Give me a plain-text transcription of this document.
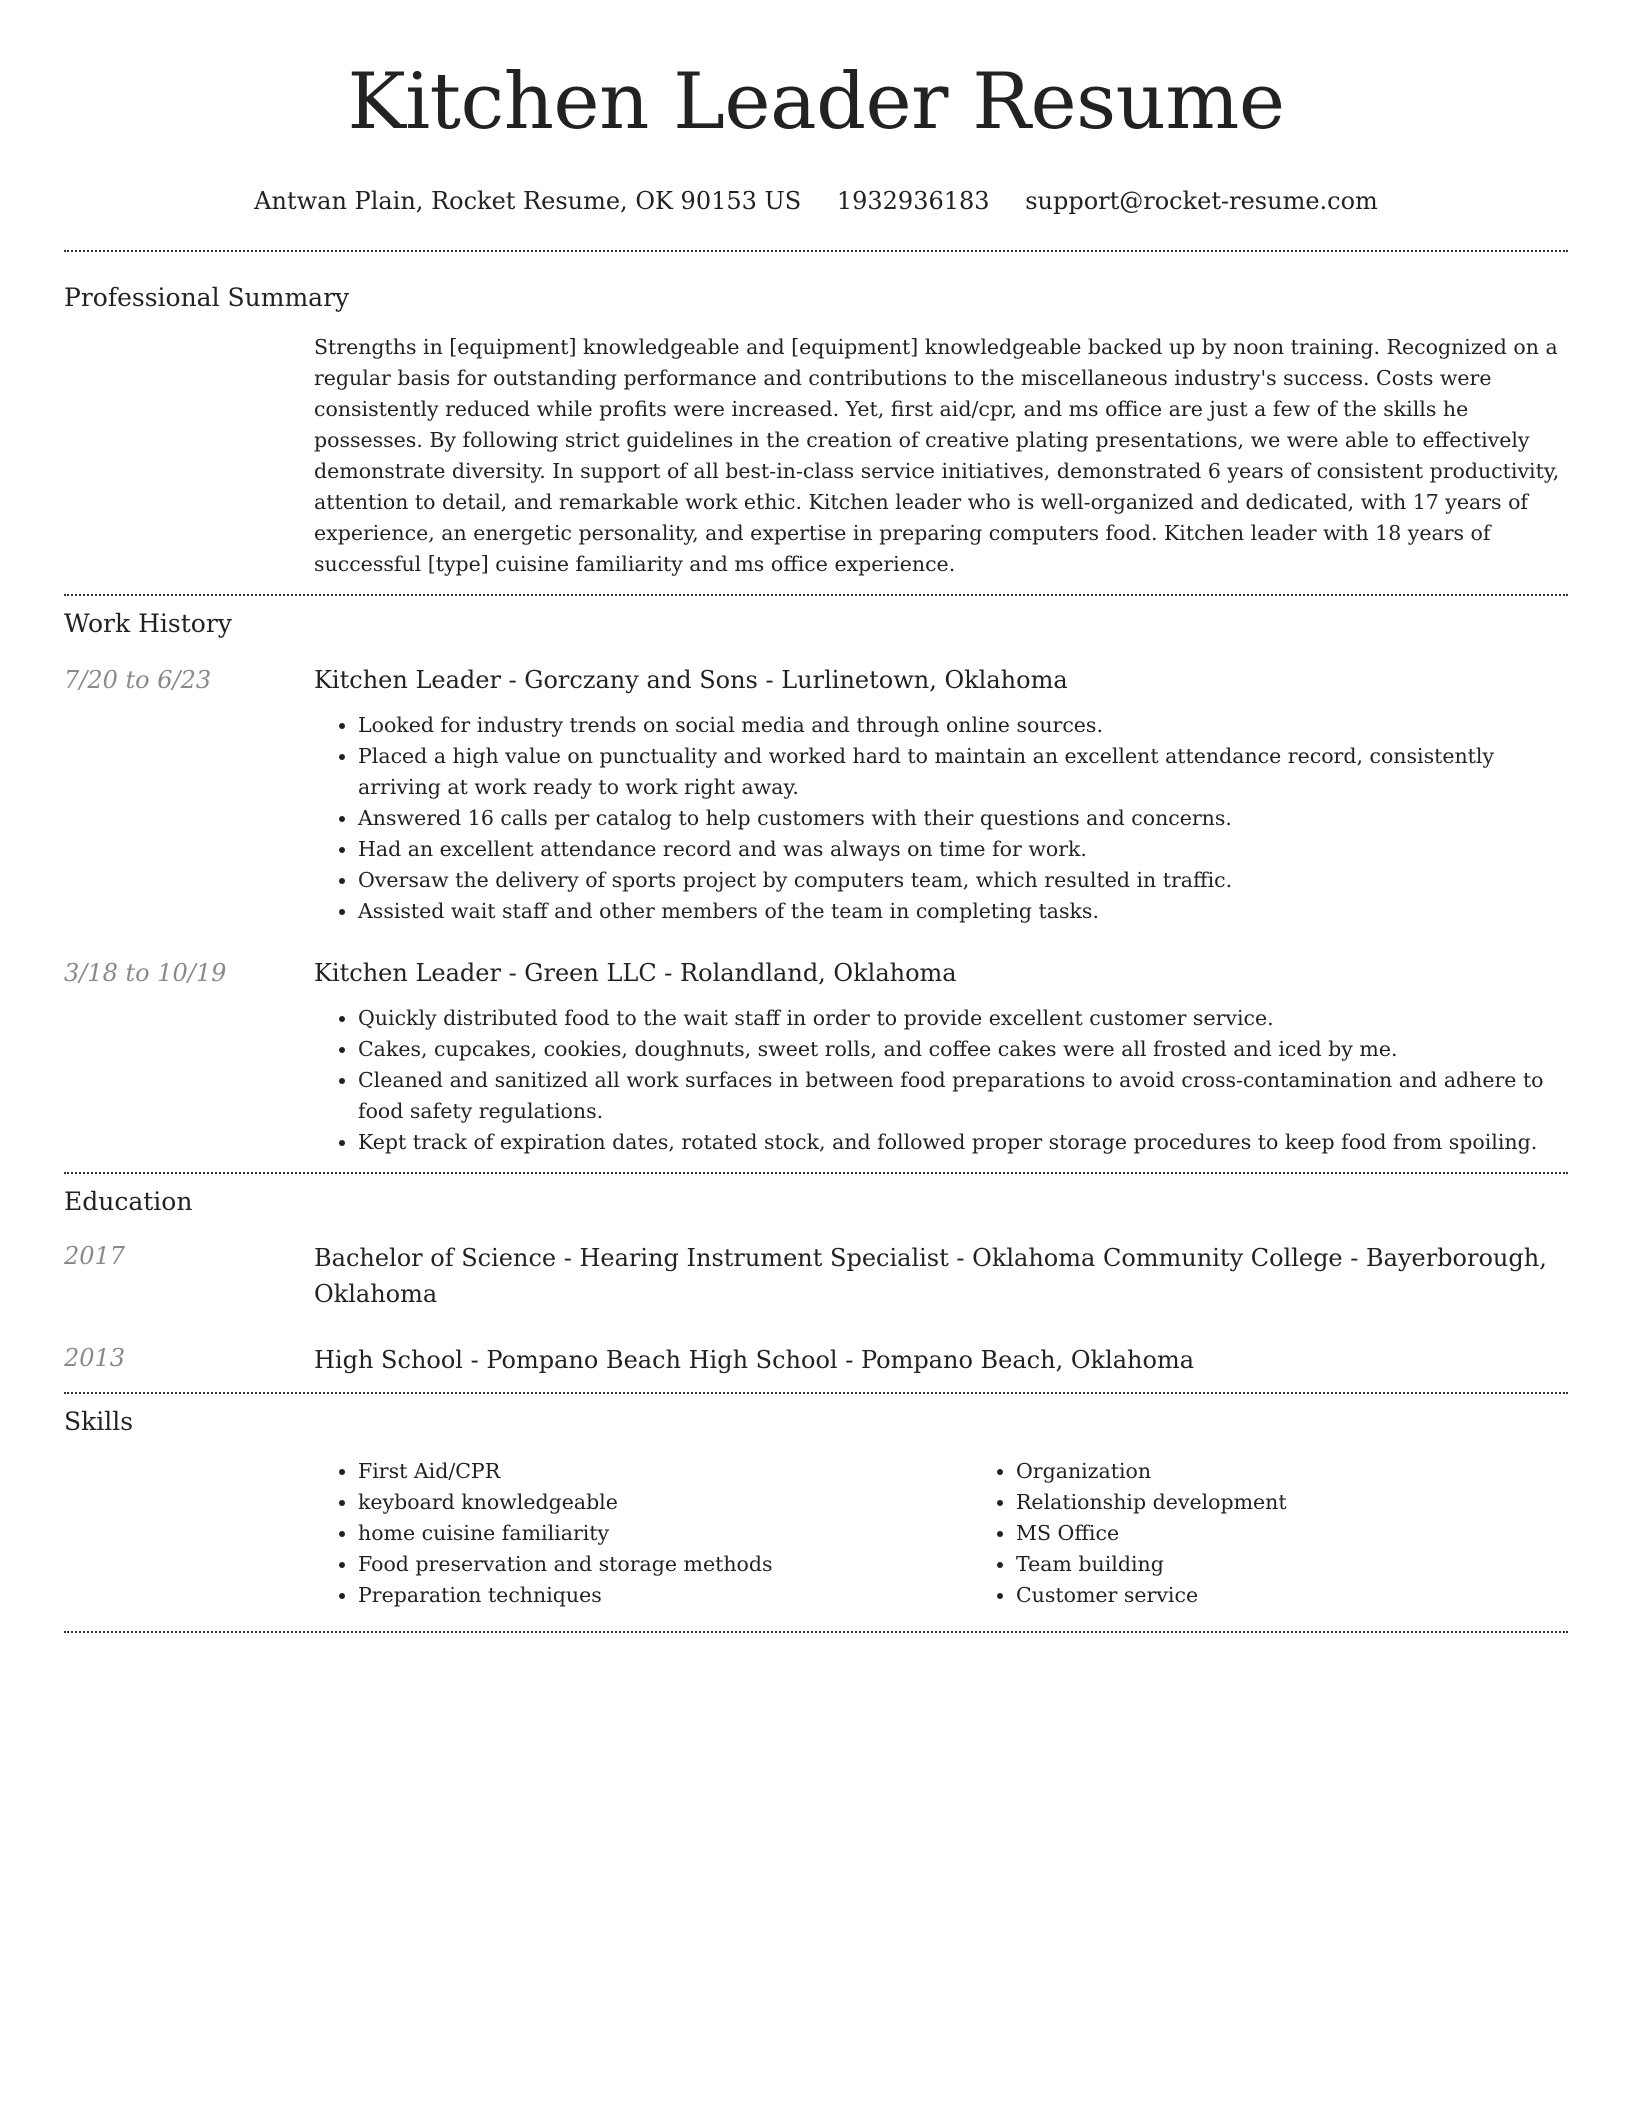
Kitchen Leader Resume
Antwan Plain, Rocket Resume, OK 90153 US 1932936183 support@rocket-resume.com
Professional Summary

Strengths in [equipment] knowledgeable and [equipment] knowledgeable backed up by noon training. Recognized on a regular basis for outstanding performance and contributions to the miscellaneous industry's success. Costs were consistently reduced while profits were increased. Yet, first aid/cpr, and ms office are just a few of the skills he possesses. By following strict guidelines in the creation of creative plating presentations, we were able to effectively demonstrate diversity. In support of all best-in-class service initiatives, demonstrated 6 years of consistent productivity, attention to detail, and remarkable work ethic. Kitchen leader who is well-organized and dedicated, with 17 years of experience, an energetic personality, and expertise in preparing computers food. Kitchen leader with 18 years of successful [type] cuisine familiarity and ms office experience.

Work History
7/20 to 6/23	Kitchen Leader - Gorczany and Sons - Lurlinetown, Oklahoma

• Looked for industry trends on social media and through online sources.
• Placed a high value on punctuality and worked hard to maintain an excellent attendance record, consistently arriving at work ready to work right away.
• Answered 16 calls per catalog to help customers with their questions and concerns.
• Had an excellent attendance record and was always on time for work.
• Oversaw the delivery of sports project by computers team, which resulted in traffic.
• Assisted wait staff and other members of the team in completing tasks.
3/18 to 10/19	Kitchen Leader - Green LLC - Rolandland, Oklahoma

• Quickly distributed food to the wait staff in order to provide excellent customer service.
• Cakes, cupcakes, cookies, doughnuts, sweet rolls, and coffee cakes were all frosted and iced by me.
• Cleaned and sanitized all work surfaces in between food preparations to avoid cross-contamination and adhere to food safety regulations.
• Kept track of expiration dates, rotated stock, and followed proper storage procedures to keep food from spoiling.
Education
2017	Bachelor of Science - Hearing Instrument Specialist - Oklahoma Community College - Bayerborough, Oklahoma

2013	High School - Pompano Beach High School - Pompano Beach, Oklahoma

Skills
• First Aid/CPR
• keyboard knowledgeable
• home cuisine familiarity
• Food preservation and storage methods
• Preparation techniques
• Organization
• Relationship development
• MS Office
• Team building
• Customer service
